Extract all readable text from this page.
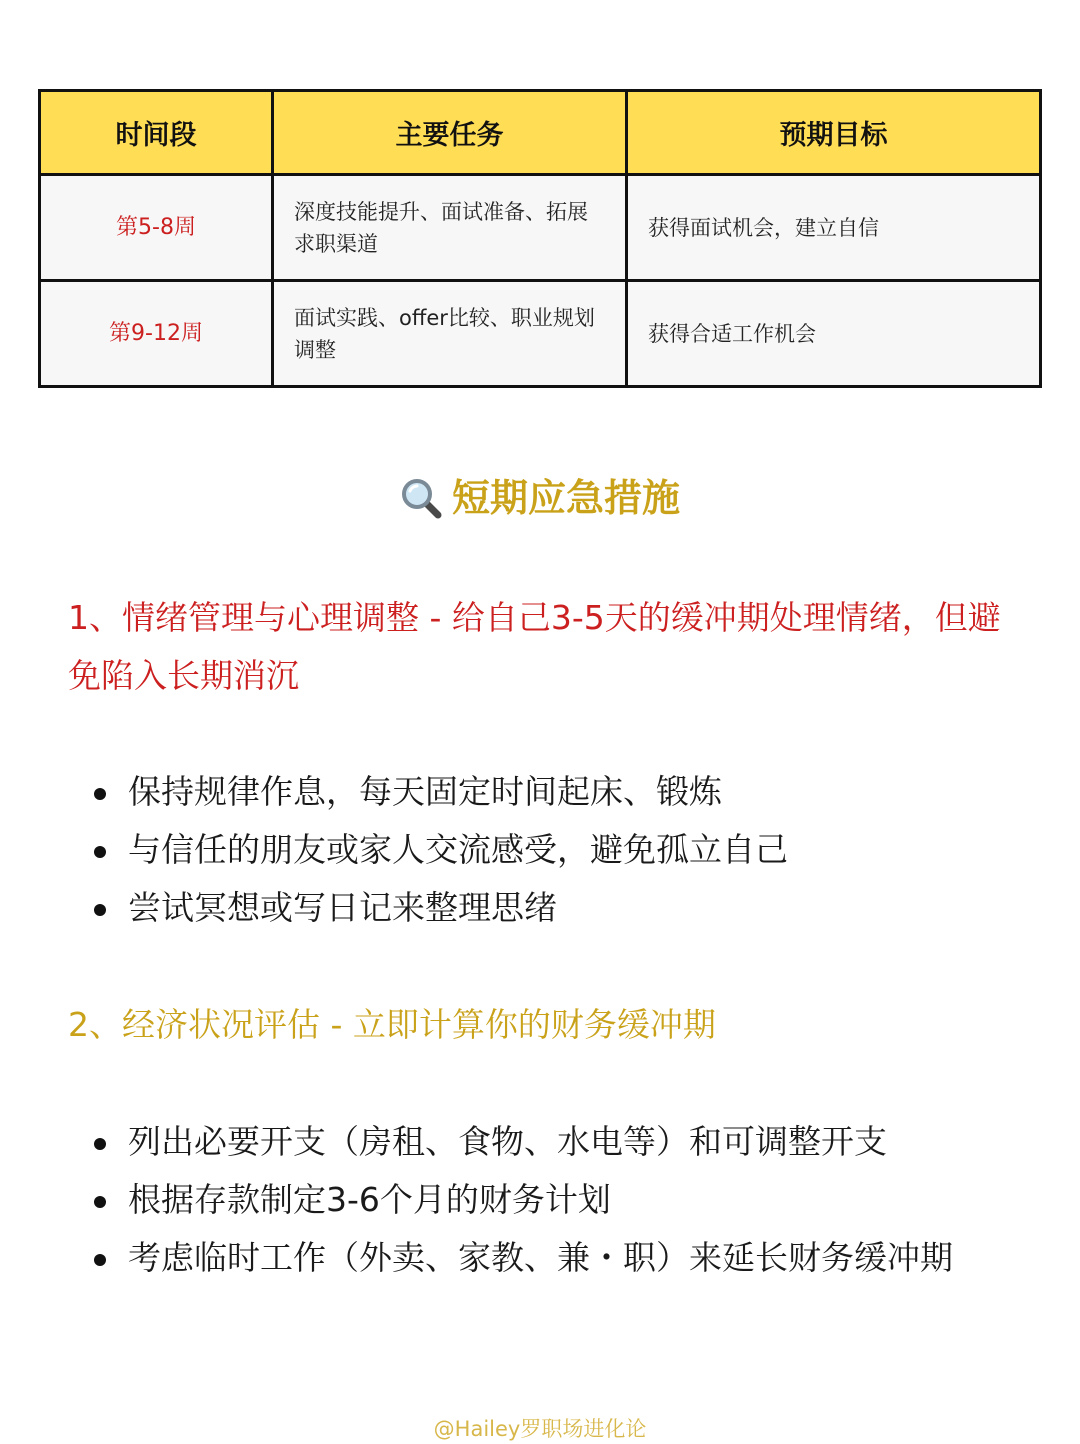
时间段	主要任务	预期目标
第5-8周	深度技能提升、面试准备、拓展求职渠道	获得面试机会，建立自信
第9-12周	面试实践、offer比较、职业规划调整	获得合适工作机会
短期应急措施

1、情绪管理与心理调整 - 给自己3-5天的缓冲期处理情绪，但避免陷入长期消沉

保持规律作息，每天固定时间起床、锻炼
与信任的朋友或家人交流感受，避免孤立自己
尝试冥想或写日记来整理思绪

2、经济状况评估 - 立即计算你的财务缓冲期

列出必要开支（房租、食物、水电等）和可调整开支
根据存款制定3-6个月的财务计划
考虑临时工作（外卖、家教、兼・职）来延长财务缓冲期
@Hailey罗职场进化论
